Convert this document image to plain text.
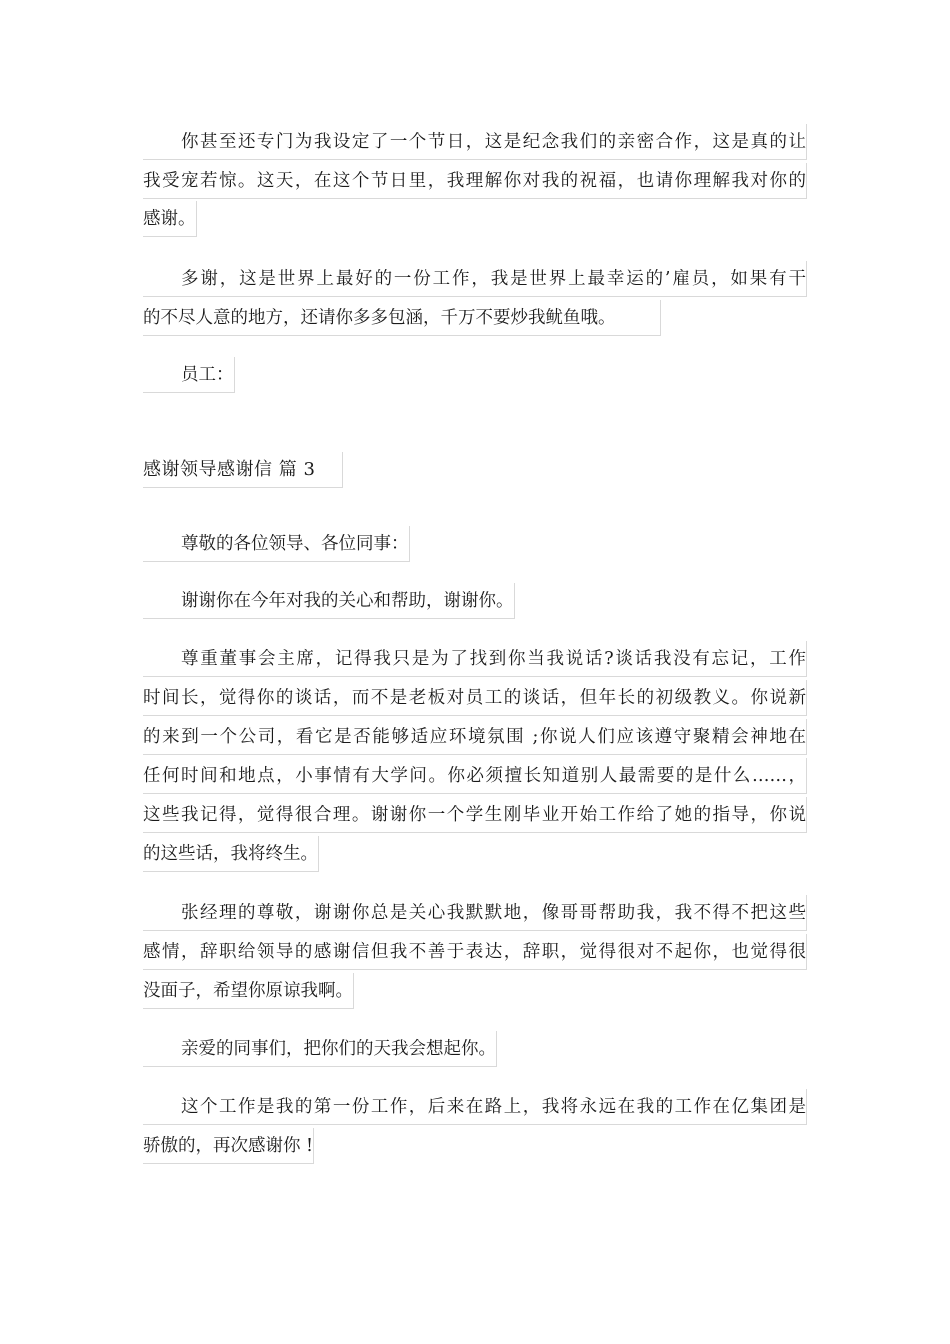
你甚至还专门为我设定了一个节日，这是纪念我们的亲密合作，这是真的让
我受宠若惊。这天，在这个节日里，我理解你对我的祝福，也请你理解我对你的
感谢。
多谢，这是世界上最好的一份工作，我是世界上最幸运的’雇员，如果有干
的不尽人意的地方，还请你多多包涵，千万不要炒我鱿鱼哦。
员工：
感谢领导感谢信 篇 3
尊敬的各位领导、各位同事：
谢谢你在今年对我的关心和帮助，谢谢你。
尊重董事会主席，记得我只是为了找到你当我说话?谈话我没有忘记，工作
时间长，觉得你的谈话，而不是老板对员工的谈话，但年长的初级教义。你说新
的来到一个公司，看它是否能够适应环境氛围 ;你说人们应该遵守聚精会神地在
任何时间和地点，小事情有大学问。你必须擅长知道别人最需要的是什么……，
这些我记得，觉得很合理。谢谢你一个学生刚毕业开始工作给了她的指导，你说
的这些话，我将终生。
张经理的尊敬，谢谢你总是关心我默默地，像哥哥帮助我，我不得不把这些
感情，辞职给领导的感谢信但我不善于表达，辞职，觉得很对不起你，也觉得很
没面子，希望你原谅我啊。
亲爱的同事们，把你们的天我会想起你。
这个工作是我的第一份工作，后来在路上，我将永远在我的工作在亿集团是
骄傲的，再次感谢你 !
